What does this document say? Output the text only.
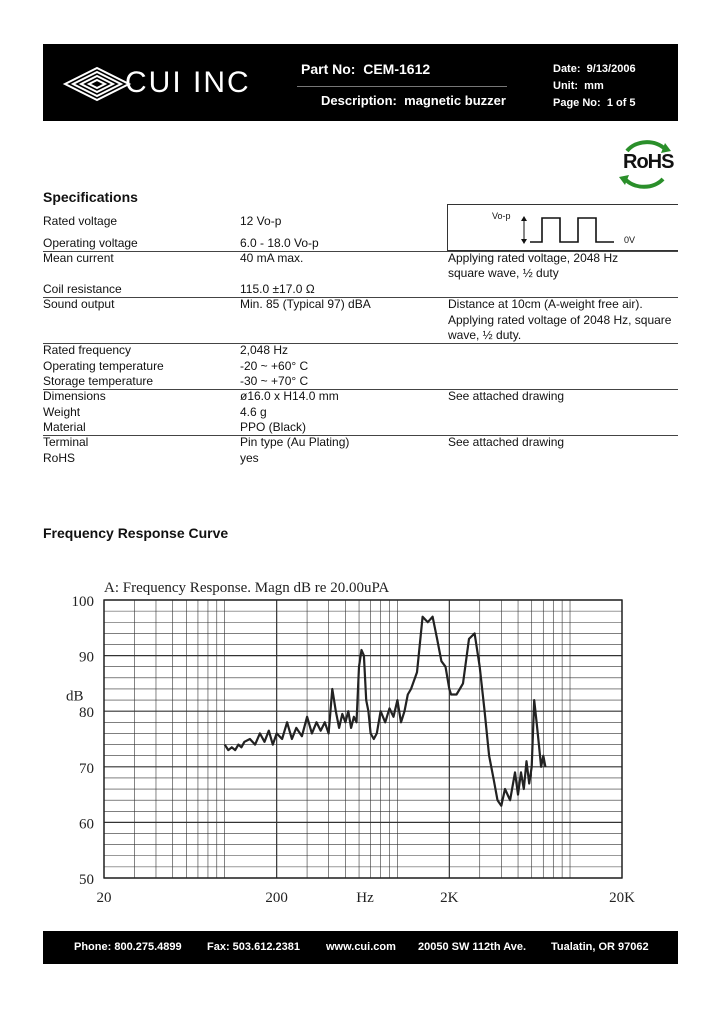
CUI INC	Part No: CEM-1612
Description: magnetic buzzer
Date: 9/13/2006
Unit: mm
Page No: 1 of 5
RoHS
Specifications
Vo-p
0V
Rated voltage	12 Vo-p
Operating voltage	6.0 - 18.0 Vo-p
Mean current	40 mA max.	Applying rated voltage, 2048 Hz
square wave, ½ duty
Coil resistance	115.0 ±17.0 Ω
Sound output	Min. 85 (Typical 97) dBA	Distance at 10cm (A-weight free air).
Applying rated voltage of 2048 Hz, square
wave, ½ duty.
Rated frequency	2,048 Hz
Operating temperature	-20 ~ +60° C
Storage temperature	-30 ~ +70° C
Dimensions	ø16.0 x H14.0 mm	See attached drawing
Weight	4.6 g
Material	PPO (Black)
Terminal	Pin type (Au Plating)	See attached drawing
RoHS	yes
Frequency Response Curve
A: Frequency Response. Magn dB re 20.00uPA
100
90
80
70
60
50
20	200	2K	20K
dB
Hz
Phone: 800.275.4899 Fax: 503.612.2381 www.cui.com 20050 SW 112th Ave. Tualatin, OR 97062
